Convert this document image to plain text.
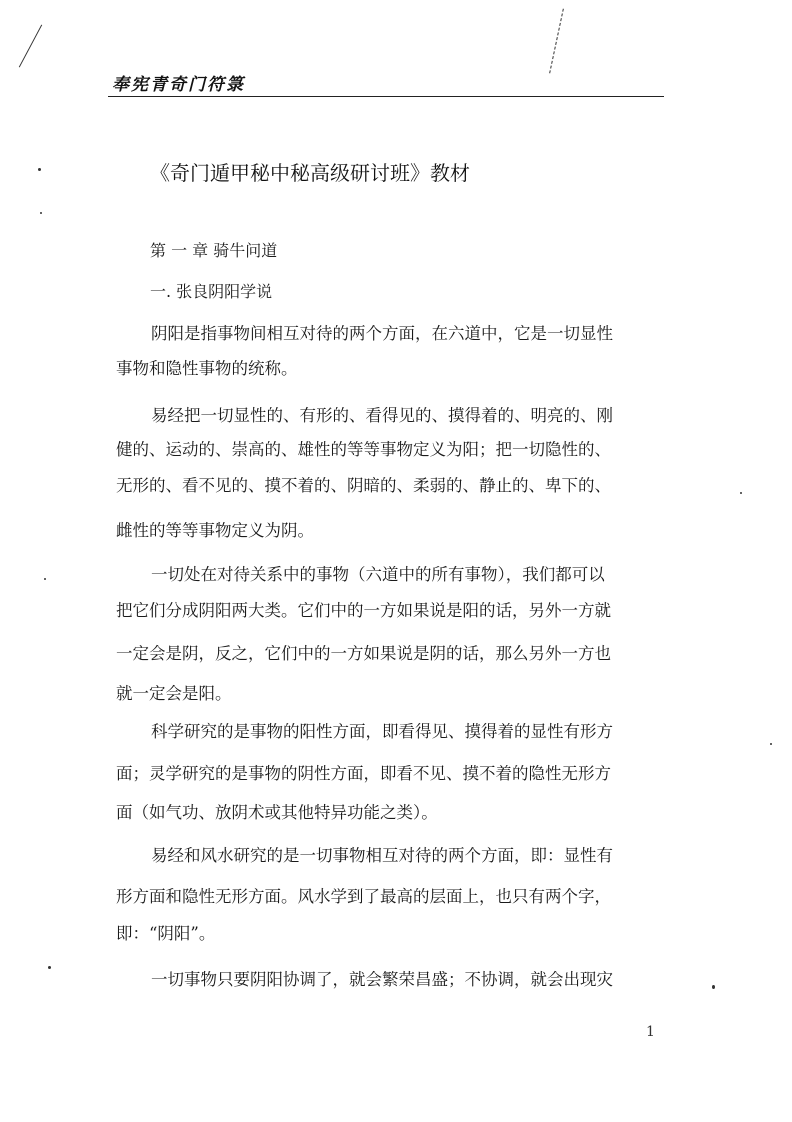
奉宪青奇门符箓
《奇门遁甲秘中秘高级研讨班》教材
第 一 章 骑牛问道
一. 张良阴阳学说
阴阳是指事物间相互对待的两个方面，在六道中，它是一切显性
事物和隐性事物的统称。
易经把一切显性的、有形的、看得见的、摸得着的、明亮的、刚
健的、运动的、崇高的、雄性的等等事物定义为阳；把一切隐性的、
无形的、看不见的、摸不着的、阴暗的、柔弱的、静止的、卑下的、
雌性的等等事物定义为阴。
一切处在对待关系中的事物（六道中的所有事物），我们都可以
把它们分成阴阳两大类。它们中的一方如果说是阳的话，另外一方就
一定会是阴，反之，它们中的一方如果说是阴的话，那么另外一方也
就一定会是阳。
科学研究的是事物的阳性方面，即看得见、摸得着的显性有形方
面；灵学研究的是事物的阴性方面，即看不见、摸不着的隐性无形方
面（如气功、放阴术或其他特异功能之类）。
易经和风水研究的是一切事物相互对待的两个方面，即：显性有
形方面和隐性无形方面。风水学到了最高的层面上，也只有两个字，
即：“阴阳”。
一切事物只要阴阳协调了，就会繁荣昌盛；不协调，就会出现灾
1
